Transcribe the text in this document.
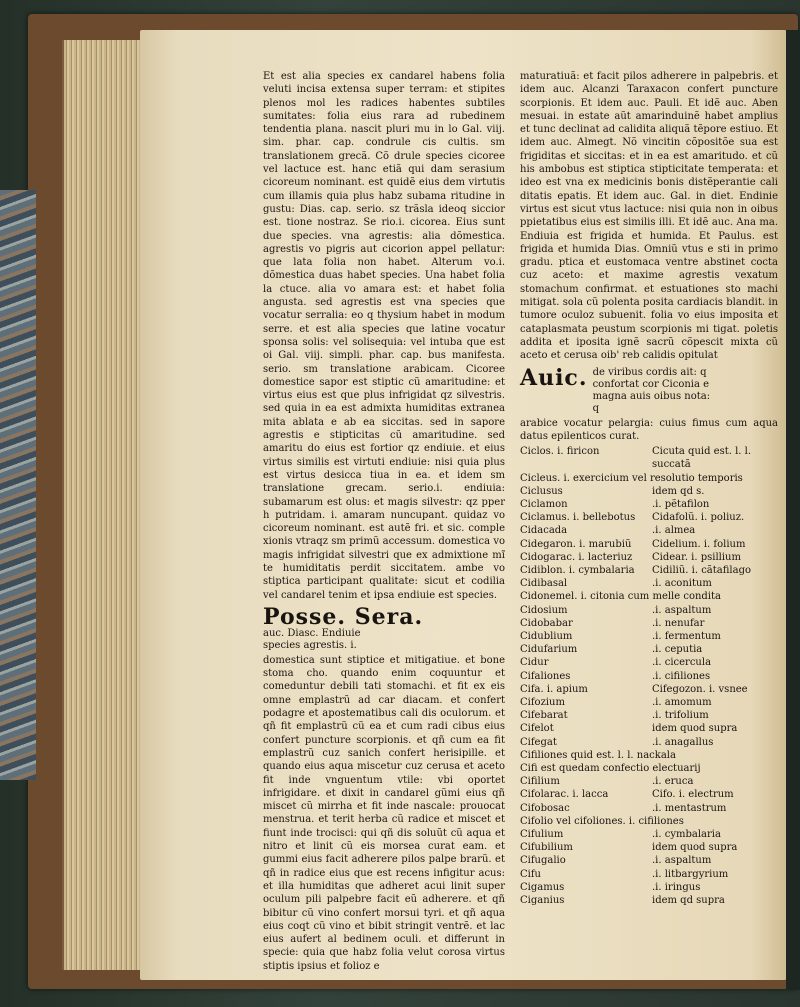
Et est alia species ex candarel habens folia veluti incisa extensa super terram: et stipites plenos mol les radices habentes subtiles sumitates: folia eius rara ad rubedinem tendentia plana. nascit pluri mu in lo Gal. viij. sim. phar. cap. condrule cis cultis. sm translationem grecã. Cõ drule species cicoree vel lactuce est. hanc etiã qui dam serasium cicoreum nominant. est quidẽ eius dem virtutis cum illamis quia plus habz subama ritudine in gustu: Dias. cap. serio. sz trãsla ideoq siccior est. tione nostraz. Se rio.i. cicorea. Eius sunt due species. vna agrestis: alia dõmestica. agrestis vo pigris aut cicorion appel pellatur: que lata folia non habet. Alterum vo.i. dõmestica duas habet species. Una habet folia la ctuce. alia vo amara est: et habet folia angusta. sed agrestis est vna species que vocatur serralia: eo q thysium habet in modum serre. et est alia species que latine vocatur sponsa solis: vel solisequia: vel intuba que est oi Gal. viij. simpli. phar. cap. bus manifesta. serio. sm translatione arabicam. Cicoree domestice sapor est stiptic cũ amaritudine: et virtus eius est que plus infrigidat qz silvestris. sed quia in ea est admixta humiditas extranea mita ablata e ab ea siccitas. sed in sapore agrestis e stipticitas cũ amaritudine. sed amaritu do eius est fortior qz endiuie. et eius virtus similis est virtuti endiuie: nisi quia plus est virtus desicca tiua in ea. et idem sm translatione grecam. serio.i. endiuia: subamarum est olus: et magis silvestr: qz pper h putridam. i. amaram nuncupant. quidaz vo cicoreum nominant. est autẽ fri. et sic. comple xionis vtraqz sm primũ accessum. domestica vo magis infrigidat silvestri que ex admixtione mĩ te humiditatis perdit siccitatem. ambe vo stiptica participant qualitate: sicut et codilia vel candarel tenim et ipsa endiuie est species.

Posse. Sera. auc. Diasc. Endiuie species agrestis. i.

domestica sunt stiptice et mitigatiue. et bone stoma cho. quando enim coquuntur et comeduntur debili tati stomachi. et fit ex eis omne emplastrũ ad car diacam. et confert podagre et apostematibus cali dis oculorum. et qñ fit emplastrũ cũ ea et cum radi cibus eius confert puncture scorpionis. et qñ cum ea fit emplastrũ cuz sanich confert herisipille. et quando eius aqua miscetur cuz cerusa et aceto fit inde vnguentum vtile: vbi oportet infrigidare. et dixit in candarel gũmi eius qñ miscet cũ mirrha et fit inde nascale: prouocat menstrua. et terit herba cũ radice et miscet et fiunt inde trocisci: qui qñ dis soluũt cũ aqua et nitro et linit cũ eis morsea curat eam. et gummi eius facit adherere pilos palpe brarũ. et qñ in radice eius que est recens infigitur acus: et illa humiditas que adheret acui linit super oculum pili palpebre facit eũ adherere. et qñ bibitur cũ vino confert morsui tyri. et qñ aqua eius coqt cũ vino et bibit stringit ventrẽ. et lac eius aufert al bedinem oculi. et differunt in specie: quia que habz folia velut corosa virtus stiptis ipsius et folioz e

maturatiuã: et facit pilos adherere in palpebris. et idem auc. Alcanzi Taraxacon confert puncture scorpionis. Et idem auc. Pauli. Et idẽ auc. Aben mesuai. in estate aũt amarinduinẽ habet amplius et tunc declinat ad calidita aliquã tẽpore estiuo. Et idem auc. Almegt. Nõ vincitin cõpositõe sua est frigiditas et siccitas: et in ea est amaritudo. et cũ his ambobus est stiptica stipticitate temperata: et ideo est vna ex medicinis bonis distẽperantie cali ditatis epatis. Et idem auc. Gal. in diet. Endinie virtus est sicut vtus lactuce: nisi quia non in oibus ppietatibus eius est similis illi. Et idẽ auc. Ana ma. Endiuia est frigida et humida. Et Paulus. est frigida et humida Dias. Omniũ vtus e sti in primo gradu. ptica et eustomaca ventre abstinet cocta cuz aceto: et maxime agrestis vexatum stomachum confirmat. et estuationes sto machi mitigat. sola cũ polenta posita cardiacis blandit. in tumore oculoz subuenit. folia vo eius imposita et cataplasmata peustum scorpionis mi tigat. poletis addita et iposita ignẽ sacrũ cõpescit mixta cũ aceto et cerusa oib' reb calidis opitulat

Auic. de viribus cordis ait: q confortat cor Ciconia e magna auis oibus nota: q

arabice vocatur pelargia: cuius fimus cum aqua datus epilenticos curat.

Ciclos. i. firicon	Cicuta quid est. l. l. succatã
Cicleus. i. exercicium vel resolutio temporis
Ciclusus	idem qd s.
Ciclamon	.i. pẽtafilon
Ciclamus. i. bellebotus	Cidafolũ. i. poliuz.
Cidacada	.i. almea
Cidegaron. i. marubiũ	Cidelium. i. folium
Cidogarac. i. lacteriuz	Cidear. i. psillium
Cidiblon. i. cymbalaria	Cidiliũ. i. cãtafilago
Cidibasal	.i. aconitum
Cidonemel. i. citonia cum melle condita
Cidosium	.i. aspaltum
Cidobabar	.i. nenufar
Cidublium	.i. fermentum
Cidufarium	.i. ceputia
Cidur	.i. cicercula
Cifaliones	.i. cifiliones
Cifa. i. apium	Cifegozon. i. vsnee
Cifozium	.i. amomum
Cifebarat	.i. trifolium
Cifelot	idem quod supra
Cifegat	.i. anagallus
Cifiliones quid est. l. l. nackala
Cifi est quedam confectio electuarij
Cifilium	.i. eruca
Cifolarac. i. lacca	Cifo. i. electrum
Cifobosac	.i. mentastrum
Cifolio vel cifoliones. i. cifiliones
Cifulium	.i. cymbalaria
Cifubilium	idem quod supra
Cifugalio	.i. aspaltum
Cifu	.i. litbargyrium
Cigamus	.i. iringus
Ciganius	idem qd supra
